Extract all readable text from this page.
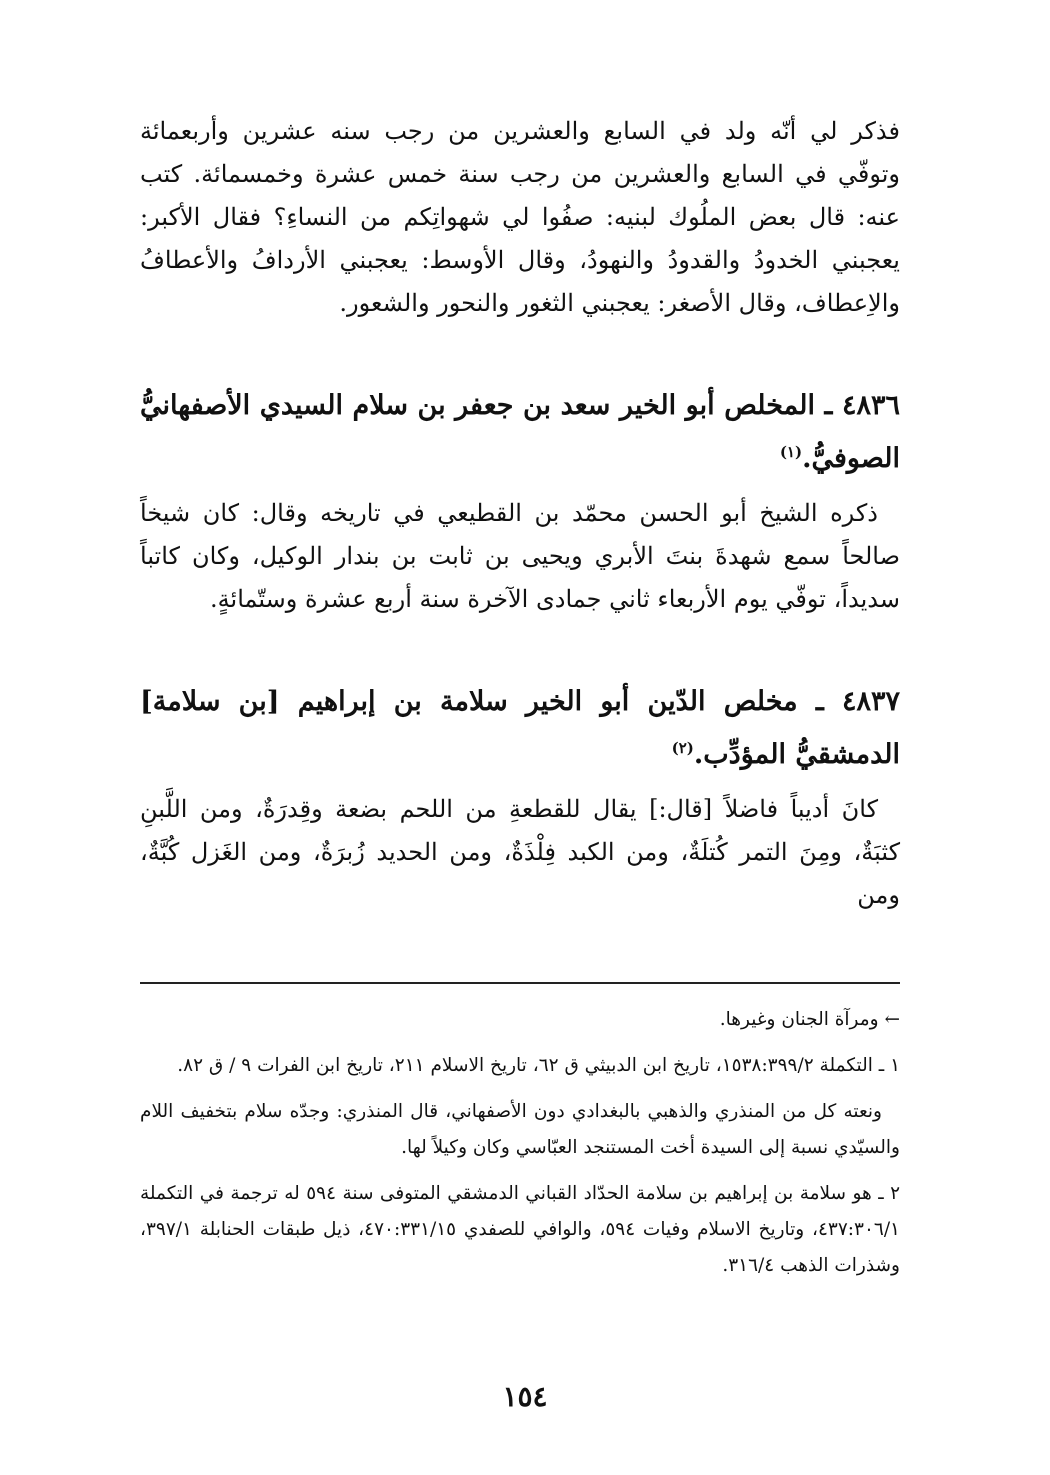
فذكر لي أنّه ولد في السابع والعشرين من رجب سنه عشرين وأربعمائة وتوفّي في السابع والعشرين من رجب سنة خمس عشرة وخمسمائة. كتب عنه: قال بعض الملُوك لبنيه: صفُوا لي شهواتِكم من النساءِ؟ فقال الأكبر: يعجبني الخدودُ والقدودُ والنهودُ، وقال الأوسط: يعجبني الأردافُ والأعطافُ والاِعطاف، وقال الأصغر: يعجبني الثغور والنحور والشعور.

٤٨٣٦ ـ المخلص أبو الخير سعد بن جعفر بن سلام السيدي الأصفهانيُّ الصوفيُّ.$^{(١)}$

ذكره الشيخ أبو الحسن محمّد بن القطيعي في تاريخه وقال: كان شيخاً صالحاً سمع شهدةَ بنتَ الأبري ويحيى بن ثابت بن بندار الوكيل، وكان كاتباً سديداً، توفّي يوم الأربعاء ثاني جمادى الآخرة سنة أربع عشرة وستّمائةٍ.

٤٨٣٧ ـ مخلص الدّين أبو الخير سلامة بن إبراهيم [بن سلامة] الدمشقيُّ المؤدِّب.$^{(٢)}$

كانَ أديباً فاضلاً [قال:] يقال للقطعةِ من اللحم بضعة وقِدرَةٌ، ومن اللَّبنِ كثبَةٌ، ومِنَ التمر كُتلَةٌ، ومن الكبد فِلْذَةٌ، ومن الحديد زُبرَةٌ، ومن الغَزل كُبَّةٌ، ومن

← ومرآة الجنان وغيرها.

١ ـ التكملة ١٥٣٨:٣٩٩/٢، تاريخ ابن الدبيثي ق ٦٢، تاريخ الاسلام ٢١١، تاريخ ابن الفرات ٩ / ق ٨٢.

ونعته كل من المنذري والذهبي بالبغدادي دون الأصفهاني، قال المنذري: وجدّه سلام بتخفيف اللام والسيّدي نسبة إلى السيدة أخت المستنجد العبّاسي وكان وكيلاً لها.

٢ ـ هو سلامة بن إبراهيم بن سلامة الحدّاد القباني الدمشقي المتوفى سنة ٥٩٤ له ترجمة في التكملة ٤٣٧:٣٠٦/١، وتاريخ الاسلام وفيات ٥٩٤، والوافي للصفدي ٤٧٠:٣٣١/١٥، ذيل طبقات الحنابلة ٣٩٧/١، وشذرات الذهب ٣١٦/٤.

١٥٤
